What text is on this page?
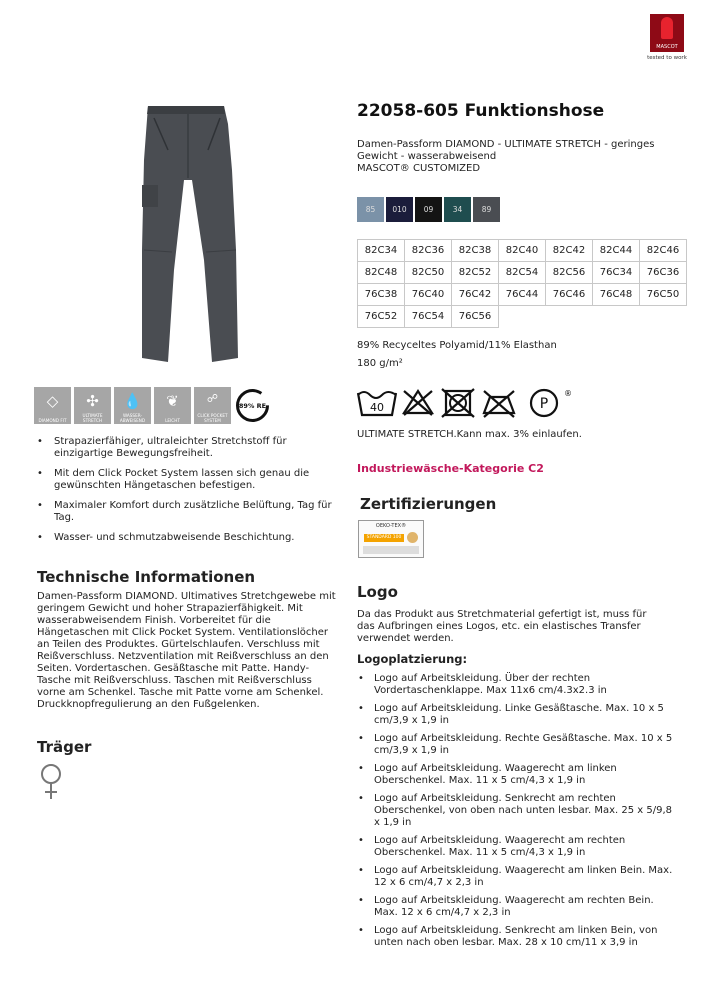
MASCOT
tested to work
22058-605 Funktionshose
Damen-Passform DIAMOND - ULTIMATE STRETCH - geringes
Gewicht - wasserabweisend
MASCOT® CUSTOMIZED
85 010 09	34	89
82C34	82C36	82C38	82C40	82C42	82C44	82C46
82C48	82C50	82C52	82C54	82C56	76C34	76C36
76C38	76C40	76C42	76C44	76C46	76C48	76C50
76C52	76C54	76C56				
89% Recyceltes Polyamid/11% Elasthan
180 g/m²
40	P
®
ULTIMATE STRETCH.Kann max. 3% einlaufen.
Industriewäsche-Kategorie C2
Zertifizierungen
OEKO-TEX®
STANDARD 100
Logo
Da das Produkt aus Stretchmaterial gefertigt ist, muss für das Aufbringen eines Logos, etc. ein elastisches Transfer verwendet werden.
Logoplatzierung:
• Logo auf Arbeitskleidung. Über der rechten Vordertaschenklappe. Max 11x6 cm/4.3x2.3 in
• Logo auf Arbeitskleidung. Linke Gesäßtasche. Max. 10 x 5 cm/3,9 x 1,9 in
• Logo auf Arbeitskleidung. Rechte Gesäßtasche. Max. 10 x 5 cm/3,9 x 1,9 in
• Logo auf Arbeitskleidung. Waagerecht am linken Oberschenkel. Max. 11 x 5 cm/4,3 x 1,9 in
• Logo auf Arbeitskleidung. Senkrecht am rechten Oberschenkel, von oben nach unten lesbar. Max. 25 x 5/9,8 x 1,9 in
• Logo auf Arbeitskleidung. Waagerecht am rechten Oberschenkel. Max. 11 x 5 cm/4,3 x 1,9 in
• Logo auf Arbeitskleidung. Waagerecht am linken Bein. Max. 12 x 6 cm/4,7 x 2,3 in
• Logo auf Arbeitskleidung. Waagerecht am rechten Bein. Max. 12 x 6 cm/4,7 x 2,3 in
• Logo auf Arbeitskleidung. Senkrecht am linken Bein, von unten nach oben lesbar. Max. 28 x 10 cm/11 x 3,9 in
◇
DIAMOND FIT
✣
ULTIMATE STRETCH
💧
WASSER-ABWEISEND
❦
LEICHT
☍
CLICK POCKET SYSTEM
89% RE
• Strapazierfähiger, ultraleichter Stretchstoff für einzigartige Bewegungsfreiheit.
• Mit dem Click Pocket System lassen sich genau die gewünschten Hängetaschen befestigen.
• Maximaler Komfort durch zusätzliche Belüftung, Tag für Tag.
• Wasser- und schmutzabweisende Beschichtung.
Technische Informationen
Damen-Passform DIAMOND. Ultimatives Stretchgewebe mit geringem Gewicht und hoher Strapazierfähigkeit. Mit wasserabweisendem Finish. Vorbereitet für die Hängetaschen mit Click Pocket System. Ventilationslöcher an Teilen des Produktes. Gürtelschlaufen. Verschluss mit Reißverschluss. Netzventilation mit Reißverschluss an den Seiten. Vordertaschen. Gesäßtasche mit Patte. Handy-Tasche mit Reißverschluss. Taschen mit Reißverschluss vorne am Schenkel. Tasche mit Patte vorne am Schenkel. Druckknopfregulierung an den Fußgelenken.
Träger
